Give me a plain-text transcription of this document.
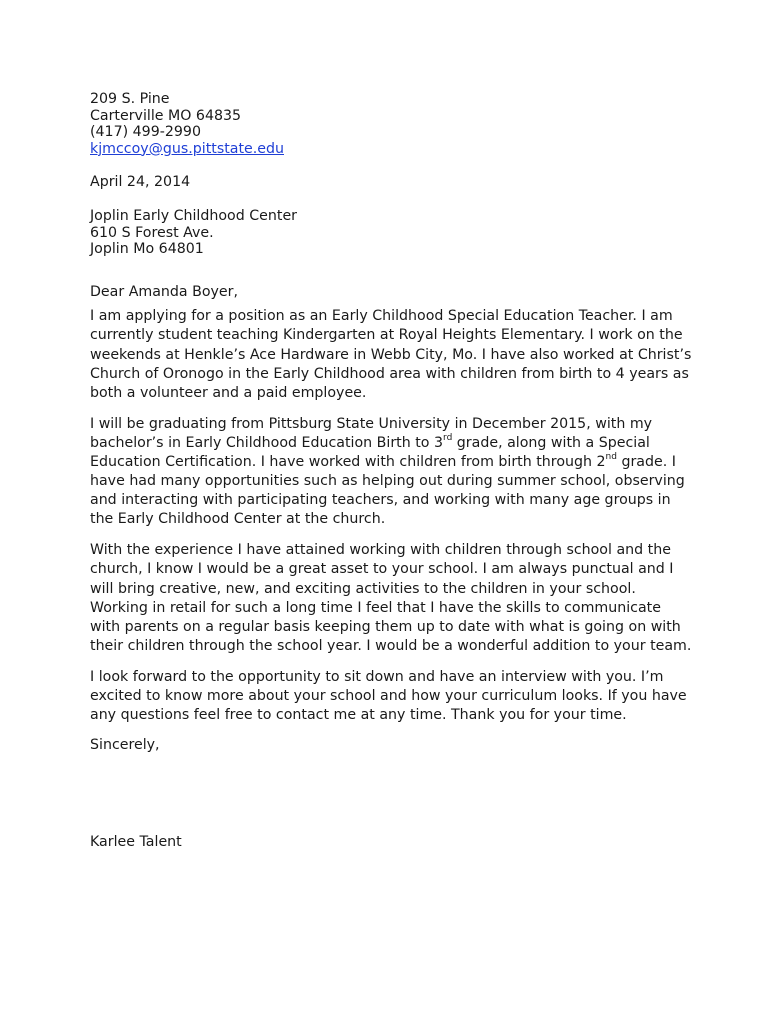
209 S. Pine
Carterville MO 64835
(417) 499-2990
kjmccoy@gus.pittstate.edu
April 24, 2014
Joplin Early Childhood Center
610 S Forest Ave.
Joplin Mo 64801
Dear Amanda Boyer,
I am applying for a position as an Early Childhood Special Education Teacher. I am
currently student teaching Kindergarten at Royal Heights Elementary. I work on the
weekends at Henkle’s Ace Hardware in Webb City, Mo. I have also worked at Christ’s
Church of Oronogo in the Early Childhood area with children from birth to 4 years as
both a volunteer and a paid employee.
I will be graduating from Pittsburg State University in December 2015, with my
bachelor’s in Early Childhood Education Birth to 3rd grade, along with a Special
Education Certification. I have worked with children from birth through 2nd grade. I
have had many opportunities such as helping out during summer school, observing
and interacting with participating teachers, and working with many age groups in
the Early Childhood Center at the church.
With the experience I have attained working with children through school and the
church, I know I would be a great asset to your school. I am always punctual and I
will bring creative, new, and exciting activities to the children in your school.
Working in retail for such a long time I feel that I have the skills to communicate
with parents on a regular basis keeping them up to date with what is going on with
their children through the school year. I would be a wonderful addition to your team.
I look forward to the opportunity to sit down and have an interview with you. I’m
excited to know more about your school and how your curriculum looks. If you have
any questions feel free to contact me at any time. Thank you for your time.
Sincerely,
Karlee Talent
